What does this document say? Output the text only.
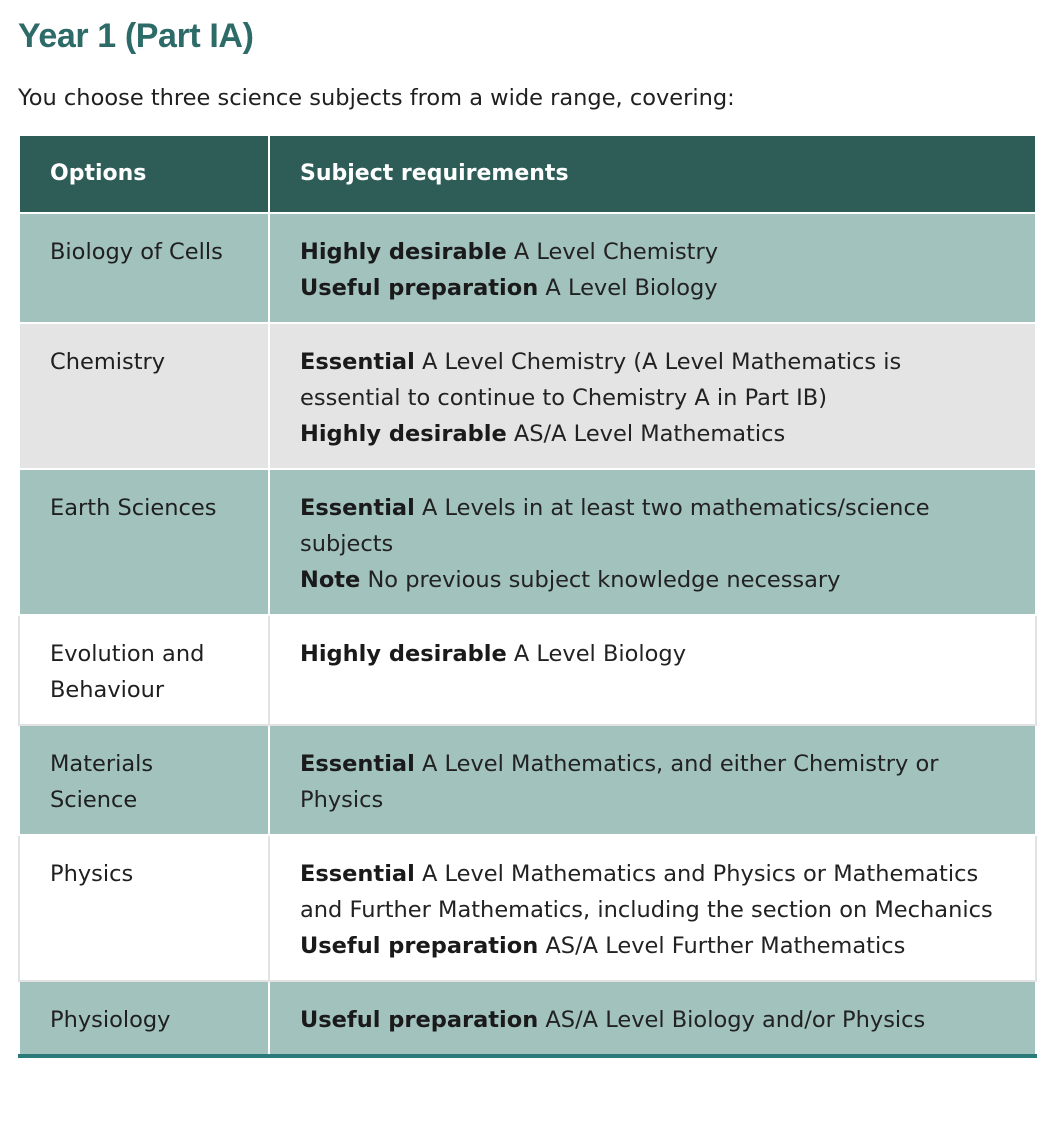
Year 1 (Part IA)

You choose three science subjects from a wide range, covering:

Options	Subject requirements
Biology of Cells	Highly desirable A Level Chemistry
Useful preparation A Level Biology

Chemistry	Essential A Level Chemistry (A Level Mathematics is essential to continue to Chemistry A in Part IB)
Highly desirable AS/A Level Mathematics

Earth Sciences	Essential A Levels in at least two mathematics/science subjects
Note No previous subject knowledge necessary

Evolution and Behaviour	Highly desirable A Level Biology

Materials Science	Essential A Level Mathematics, and either Chemistry or Physics

Physics	Essential A Level Mathematics and Physics or Mathematics and Further Mathematics, including the section on Mechanics
Useful preparation AS/A Level Further Mathematics

Physiology	Useful preparation AS/A Level Biology and/or Physics
